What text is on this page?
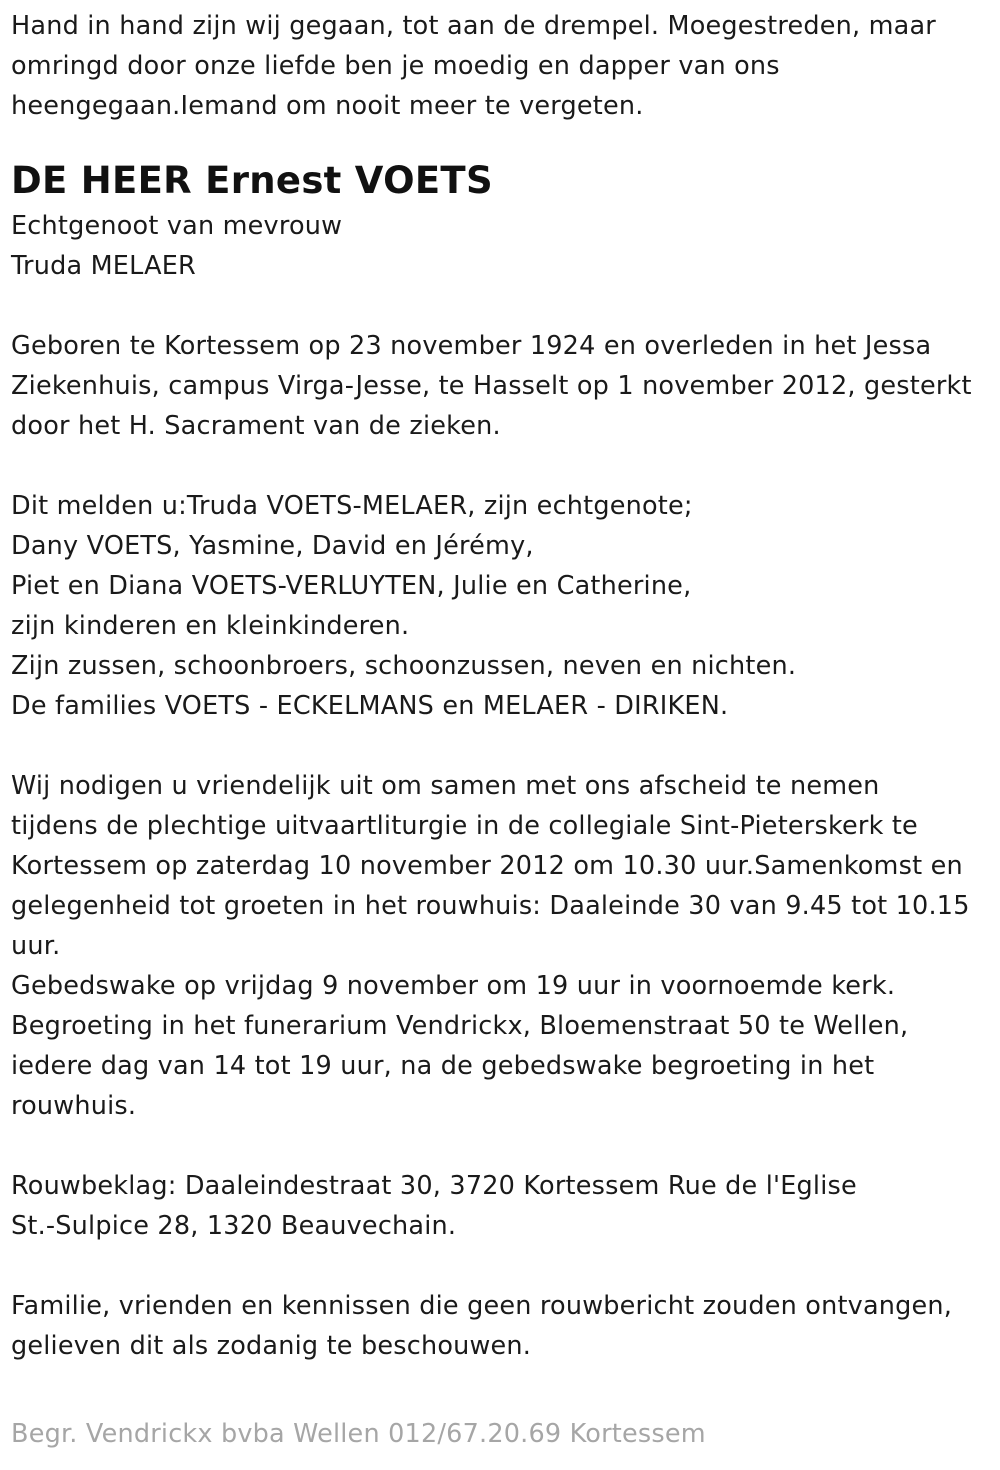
Hand in hand zijn wij gegaan, tot aan de drempel. Moegestreden, maar
omringd door onze liefde ben je moedig en dapper van ons
heengegaan.Iemand om nooit meer te vergeten.
DE HEER Ernest VOETS
Echtgenoot van mevrouw
Truda MELAER
Geboren te Kortessem op 23 november 1924 en overleden in het Jessa
Ziekenhuis, campus Virga-Jesse, te Hasselt op 1 november 2012, gesterkt
door het H. Sacrament van de zieken.
Dit melden u:Truda VOETS-MELAER, zijn echtgenote;
Dany VOETS, Yasmine, David en Jérémy,
Piet en Diana VOETS-VERLUYTEN, Julie en Catherine,
zijn kinderen en kleinkinderen.
Zijn zussen, schoonbroers, schoonzussen, neven en nichten.
De families VOETS - ECKELMANS en MELAER - DIRIKEN.
Wij nodigen u vriendelijk uit om samen met ons afscheid te nemen
tijdens de plechtige uitvaartliturgie in de collegiale Sint-Pieterskerk te
Kortessem op zaterdag 10 november 2012 om 10.30 uur.Samenkomst en
gelegenheid tot groeten in het rouwhuis: Daaleinde 30 van 9.45 tot 10.15
uur.
Gebedswake op vrijdag 9 november om 19 uur in voornoemde kerk.
Begroeting in het funerarium Vendrickx, Bloemenstraat 50 te Wellen,
iedere dag van 14 tot 19 uur, na de gebedswake begroeting in het
rouwhuis.
Rouwbeklag: Daaleindestraat 30, 3720 Kortessem Rue de l'Eglise
St.-Sulpice 28, 1320 Beauvechain.
Familie, vrienden en kennissen die geen rouwbericht zouden ontvangen,
gelieven dit als zodanig te beschouwen.
Begr. Vendrickx bvba Wellen 012/67.20.69 Kortessem
